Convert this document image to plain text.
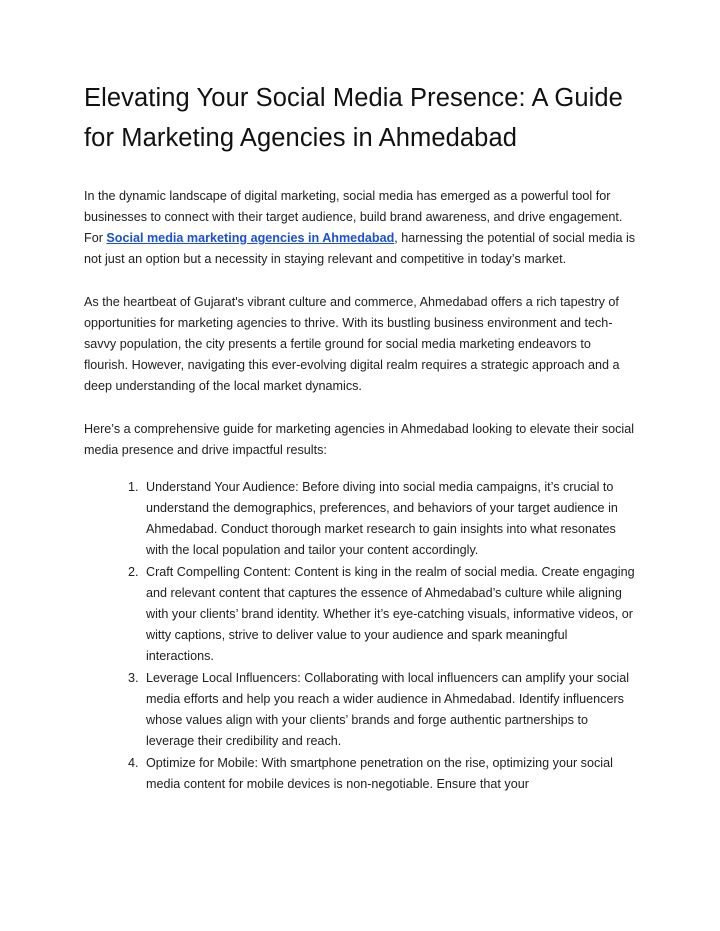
Elevating Your Social Media Presence: A Guide for Marketing Agencies in Ahmedabad

In the dynamic landscape of digital marketing, social media has emerged as a powerful tool for businesses to connect with their target audience, build brand awareness, and drive engagement. For Social media marketing agencies in Ahmedabad, harnessing the potential of social media is not just an option but a necessity in staying relevant and competitive in today’s market.

As the heartbeat of Gujarat's vibrant culture and commerce, Ahmedabad offers a rich tapestry of opportunities for marketing agencies to thrive. With its bustling business environment and tech-savvy population, the city presents a fertile ground for social media marketing endeavors to flourish. However, navigating this ever-evolving digital realm requires a strategic approach and a deep understanding of the local market dynamics.

Here’s a comprehensive guide for marketing agencies in Ahmedabad looking to elevate their social media presence and drive impactful results:

1. Understand Your Audience: Before diving into social media campaigns, it’s crucial to understand the demographics, preferences, and behaviors of your target audience in Ahmedabad. Conduct thorough market research to gain insights into what resonates with the local population and tailor your content accordingly.
2. Craft Compelling Content: Content is king in the realm of social media. Create engaging and relevant content that captures the essence of Ahmedabad’s culture while aligning with your clients’ brand identity. Whether it’s eye-catching visuals, informative videos, or witty captions, strive to deliver value to your audience and spark meaningful interactions.
3. Leverage Local Influencers: Collaborating with local influencers can amplify your social media efforts and help you reach a wider audience in Ahmedabad. Identify influencers whose values align with your clients’ brands and forge authentic partnerships to leverage their credibility and reach.
4. Optimize for Mobile: With smartphone penetration on the rise, optimizing your social media content for mobile devices is non-negotiable. Ensure that your
